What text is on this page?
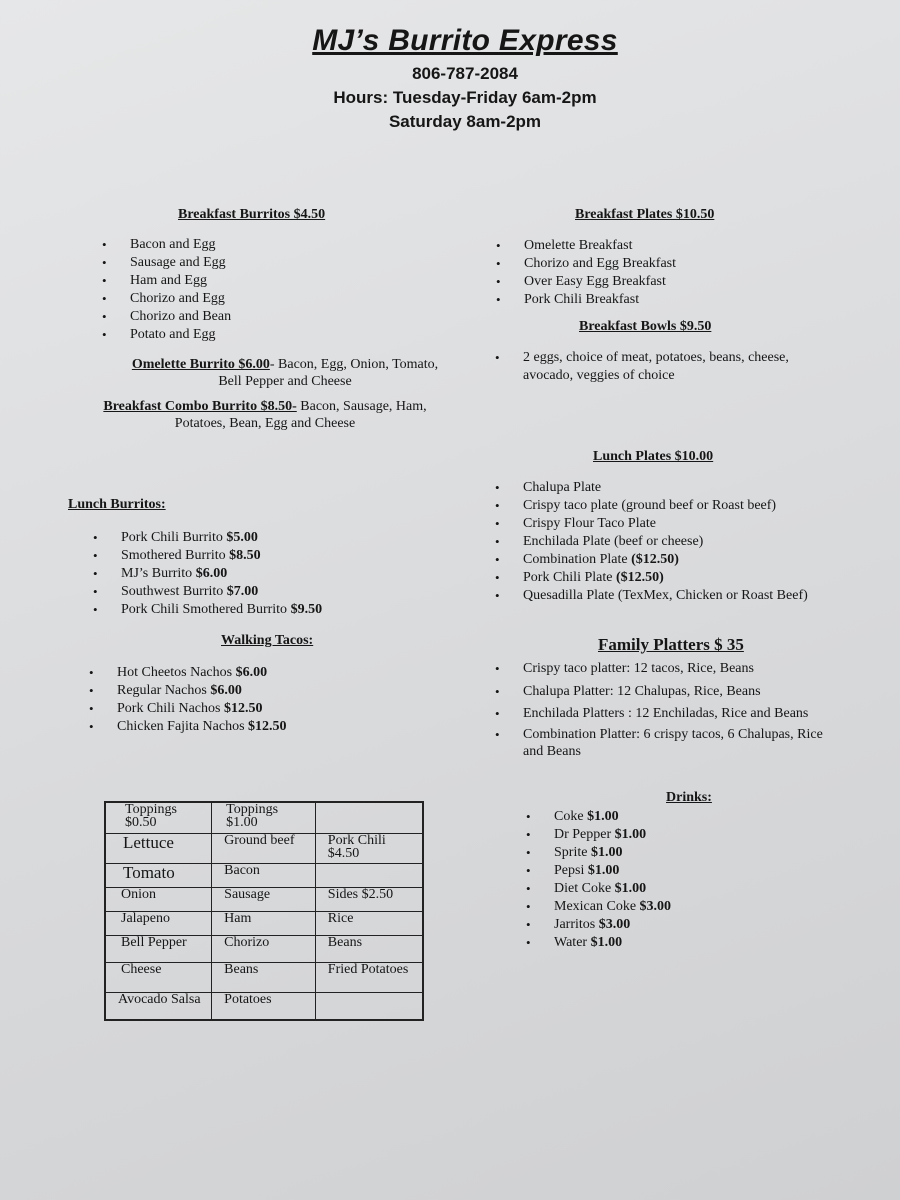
MJ’s Burrito Express
806-787-2084
Hours: Tuesday-Friday 6am-2pm
Saturday 8am-2pm
Breakfast Burritos $4.50
• Bacon and Egg
• Sausage and Egg
• Ham and Egg
• Chorizo and Egg
• Chorizo and Bean
• Potato and Egg
Omelette Burrito $6.00- Bacon, Egg, Onion, Tomato,
Bell Pepper and Cheese
Breakfast Combo Burrito $8.50- Bacon, Sausage, Ham,
Potatoes, Bean, Egg and Cheese
Breakfast Plates $10.50
• Omelette Breakfast
• Chorizo and Egg Breakfast
• Over Easy Egg Breakfast
• Pork Chili Breakfast
Breakfast Bowls $9.50
• 2 eggs, choice of meat, potatoes, beans, cheese,
avocado, veggies of choice
Lunch Burritos:
• Pork Chili Burrito $5.00
• Smothered Burrito $8.50
• MJ’s Burrito $6.00
• Southwest Burrito $7.00
• Pork Chili Smothered Burrito $9.50
Walking Tacos:
• Hot Cheetos Nachos $6.00
• Regular Nachos $6.00
• Pork Chili Nachos $12.50
• Chicken Fajita Nachos $12.50
Lunch Plates $10.00
• Chalupa Plate
• Crispy taco plate (ground beef or Roast beef)
• Crispy Flour Taco Plate
• Enchilada Plate (beef or cheese)
• Combination Plate ($12.50)
• Pork Chili Plate ($12.50)
• Quesadilla Plate (TexMex, Chicken or Roast Beef)
Family Platters $ 35
• Crispy taco platter: 12 tacos, Rice, Beans
• Chalupa Platter: 12 Chalupas, Rice, Beans
• Enchilada Platters : 12 Enchiladas, Rice and Beans
• Combination Platter: 6 crispy tacos, 6 Chalupas, Rice
and Beans
Toppings $0.50	Toppings $1.00	
Lettuce	Ground beef	Pork Chili $4.50
Tomato	Bacon	
Onion	Sausage	Sides $2.50
Jalapeno	Ham	Rice
Bell Pepper	Chorizo	Beans
Cheese	Beans	Fried Potatoes
Avocado Salsa	Potatoes	
Drinks:
• Coke $1.00
• Dr Pepper $1.00
• Sprite $1.00
• Pepsi $1.00
• Diet Coke $1.00
• Mexican Coke $3.00
• Jarritos $3.00
• Water $1.00
